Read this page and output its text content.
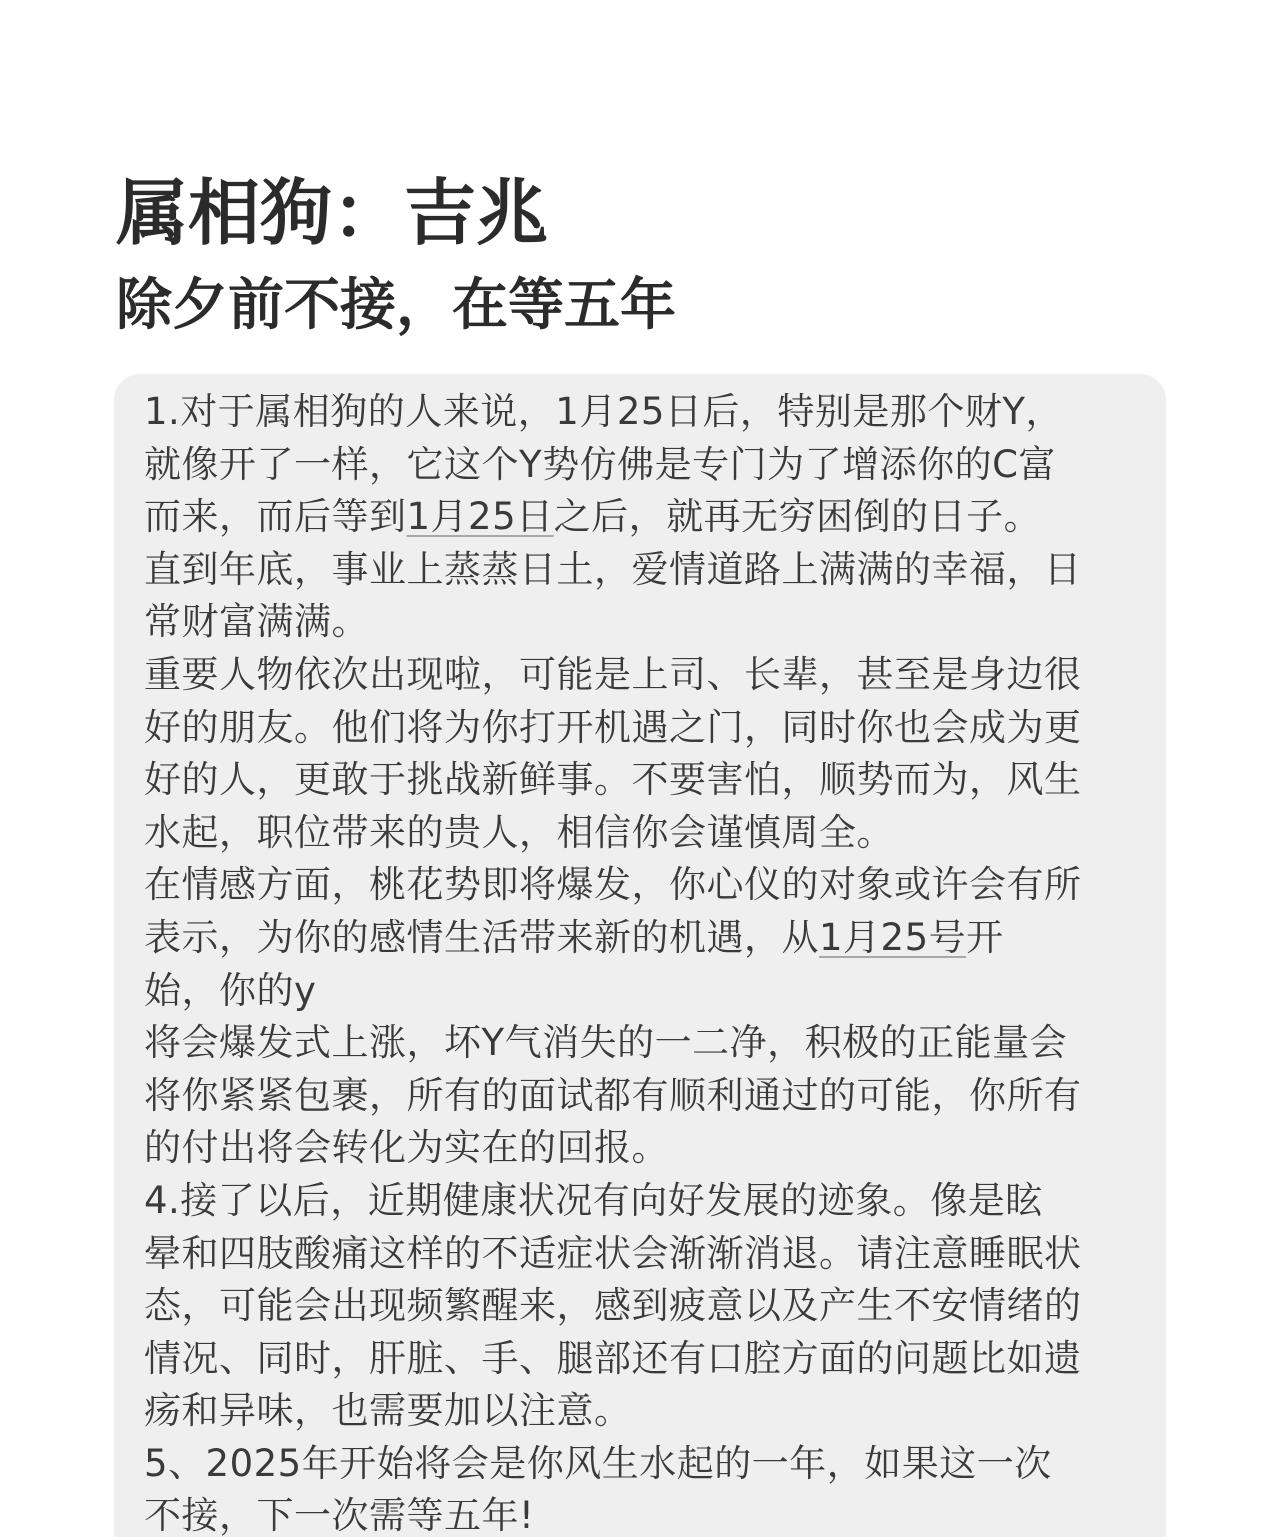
属相狗：吉兆
除夕前不接，在等五年

1.对于属相狗的人来说，1月25日后，特别是那个财Y，
就像开了一样，它这个Y势仿佛是专门为了增添你的C富
而来，而后等到1月25日之后，就再无穷困倒的日子。
直到年底，事业上蒸蒸日土，爱情道路上满满的幸福，日
常财富满满。

重要人物依次出现啦，可能是上司、长辈，甚至是身边很
好的朋友。他们将为你打开机遇之门，同时你也会成为更
好的人，更敢于挑战新鲜事。不要害怕，顺势而为，风生
水起，职位带来的贵人，相信你会谨慎周全。

在情感方面，桃花势即将爆发，你心仪的对象或许会有所
表示，为你的感情生活带来新的机遇，从1月25号开
始，你的y
将会爆发式上涨，坏Y气消失的一二净，积极的正能量会
将你紧紧包裹，所有的面试都有顺利通过的可能，你所有
的付出将会转化为实在的回报。

4.接了以后，近期健康状况有向好发展的迹象。像是眩
晕和四肢酸痛这样的不适症状会渐渐消退。请注意睡眠状
态，可能会出现频繁醒来，感到疲意以及产生不安情绪的
情况、同时，肝脏、手、腿部还有口腔方面的问题比如遗
疡和异味，也需要加以注意。

5、2025年开始将会是你风生水起的一年，如果这一次
不接，下一次需等五年!
